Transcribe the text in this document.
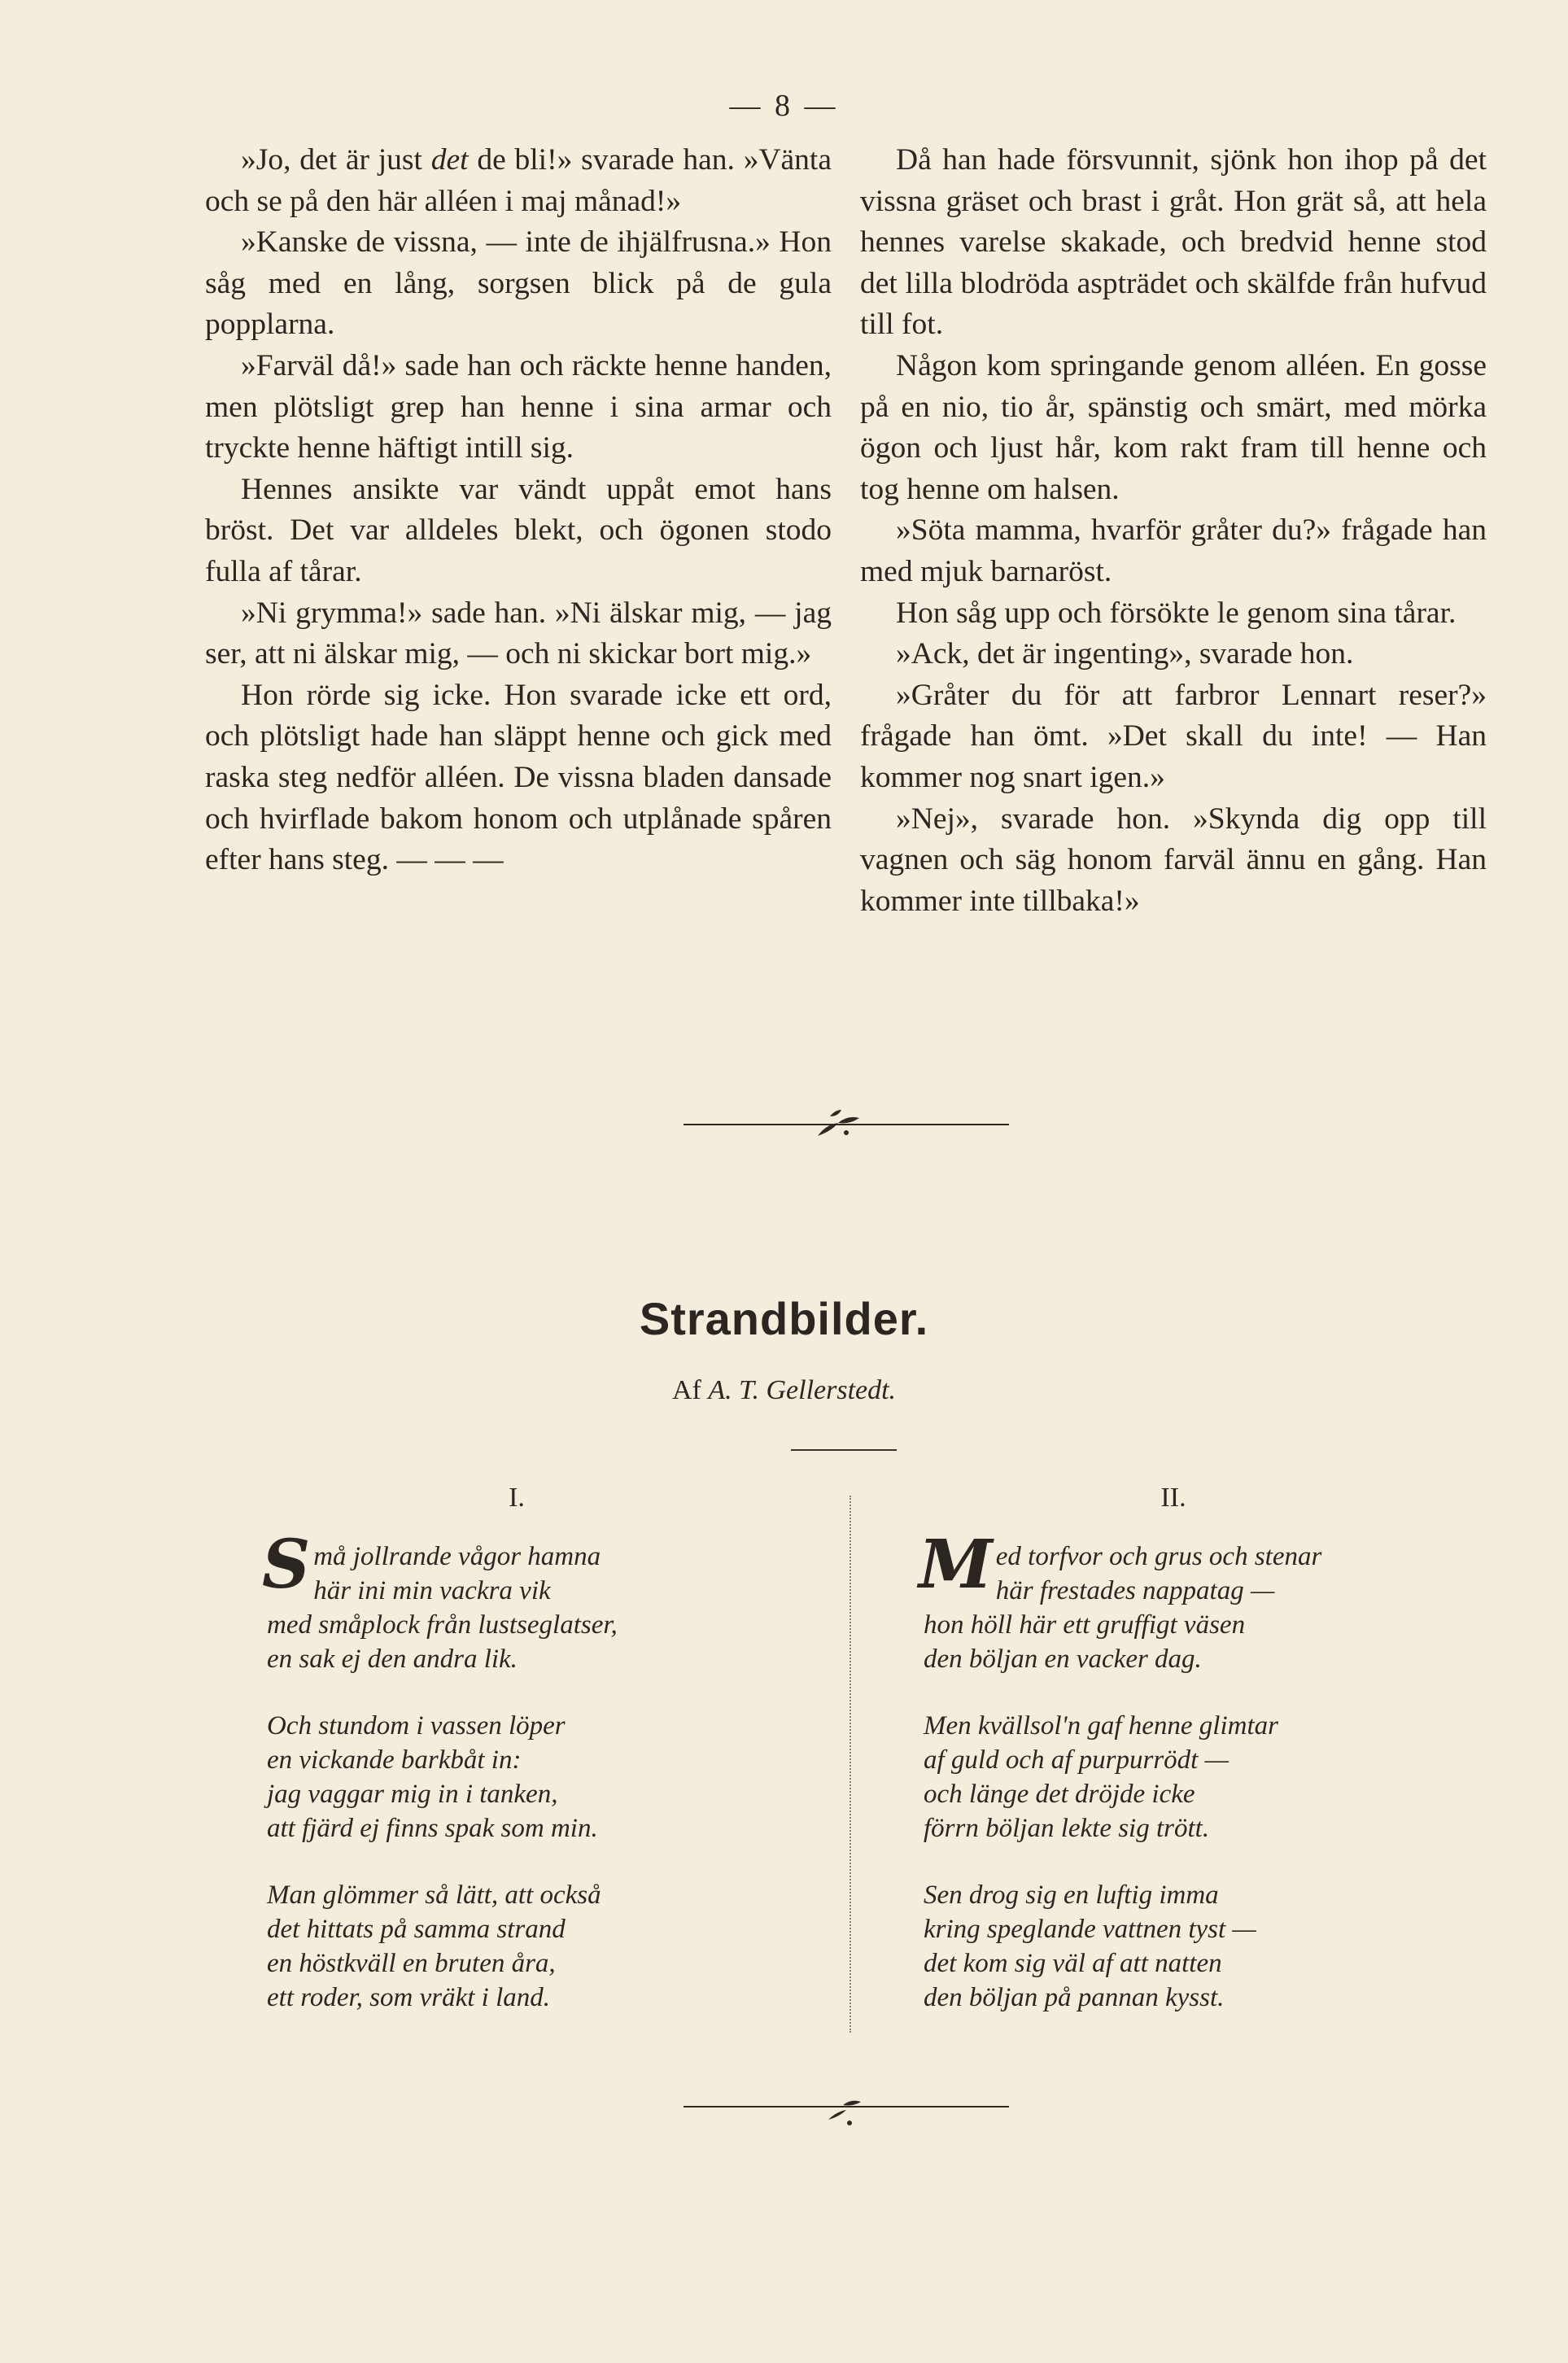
— 8 —

»Jo, det är just det de bli!» svarade han. »Vänta och se på den här alléen i maj månad!»

»Kanske de vissna, — inte de ihjälfrusna.» Hon såg med en lång, sorgsen blick på de gula popplarna.

»Farväl då!» sade han och räckte henne handen, men plötsligt grep han henne i sina armar och tryckte henne häftigt intill sig.

Hennes ansikte var vändt uppåt emot hans bröst. Det var alldeles blekt, och ögonen stodo fulla af tårar.

»Ni grymma!» sade han. »Ni älskar mig, — jag ser, att ni älskar mig, — och ni skickar bort mig.»

Hon rörde sig icke. Hon svarade icke ett ord, och plötsligt hade han släppt henne och gick med raska steg nedför alléen. De vissna bladen dansade och hvirflade bakom honom och utplånade spåren efter hans steg. — — —

Då han hade försvunnit, sjönk hon ihop på det vissna gräset och brast i gråt. Hon grät så, att hela hennes varelse skakade, och bredvid henne stod det lilla blodröda aspträdet och skälfde från hufvud till fot.

Någon kom springande genom alléen. En gosse på en nio, tio år, spänstig och smärt, med mörka ögon och ljust hår, kom rakt fram till henne och tog henne om halsen.

»Söta mamma, hvarför gråter du?» frågade han med mjuk barnaröst.

Hon såg upp och försökte le genom sina tårar.

»Ack, det är ingenting», svarade hon.

»Gråter du för att farbror Lennart reser?» frågade han ömt. »Det skall du inte! — Han kommer nog snart igen.»

»Nej», svarade hon. »Skynda dig opp till vagnen och säg honom farväl ännu en gång. Han kommer inte tillbaka!»

Strandbilder.
Af A. T. Gellerstedt.
I.	II.
S må jollrande vågor hamna
här ini min vackra vik
med småplock från lustseglatser,
en sak ej den andra lik.
Och stundom i vassen löper
en vickande barkbåt in:
jag vaggar mig in i tanken,
att fjärd ej finns spak som min.
Man glömmer så lätt, att också
det hittats på samma strand
en höstkväll en bruten åra,
ett roder, som vräkt i land.
M ed torfvor och grus och stenar
här frestades nappatag —
hon höll här ett gruffigt väsen
den böljan en vacker dag.
Men kvällsol'n gaf henne glimtar
af guld och af purpurrödt —
och länge det dröjde icke
förrn böljan lekte sig trött.
Sen drog sig en luftig imma
kring speglande vattnen tyst —
det kom sig väl af att natten
den böljan på pannan kysst.
